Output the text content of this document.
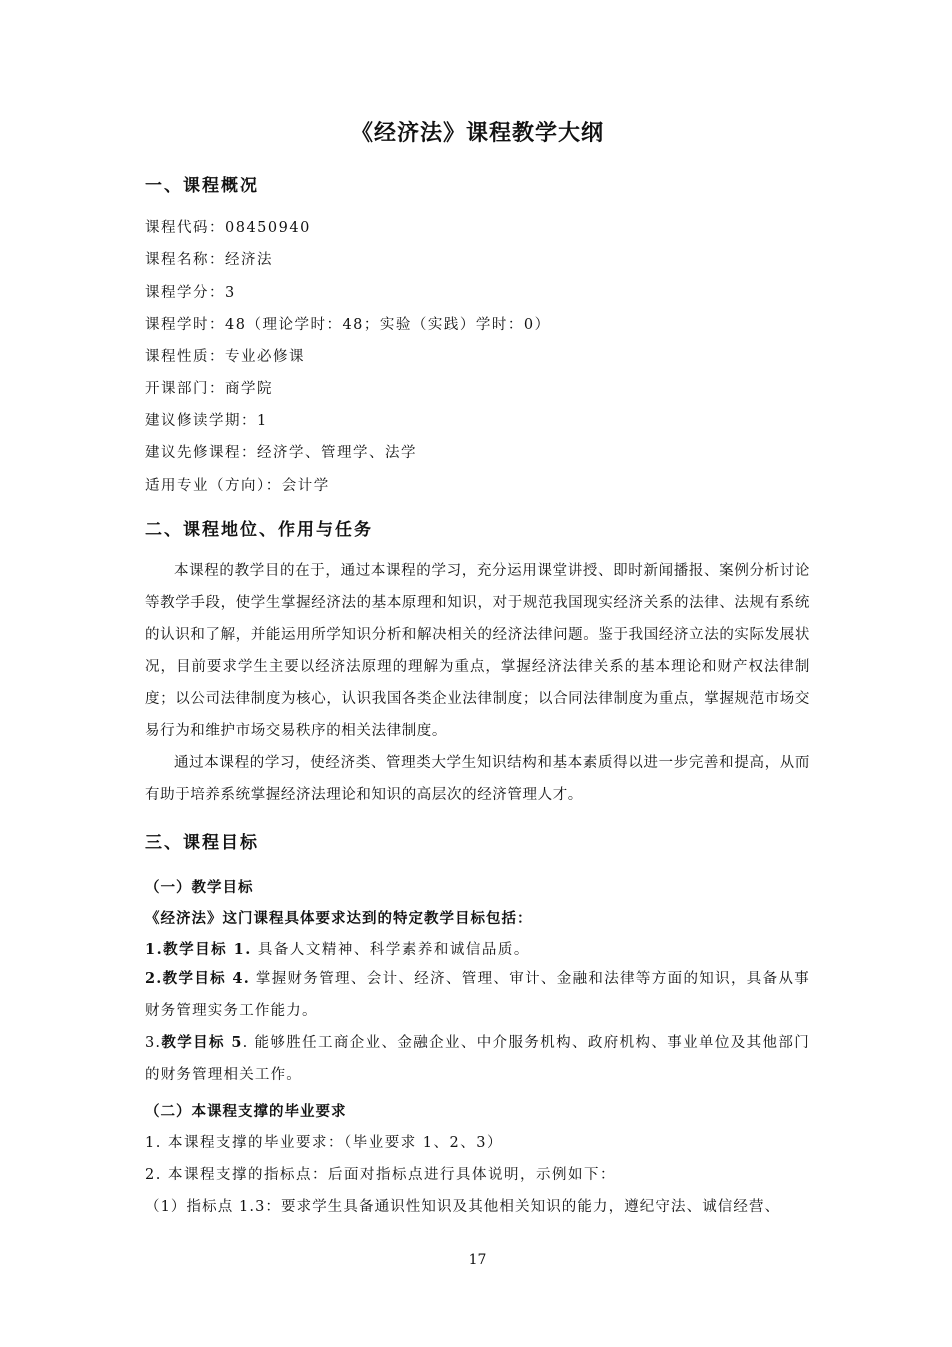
《经济法》课程教学大纲
一、课程概况
课程代码：08450940
课程名称：经济法
课程学分：3
课程学时：48（理论学时：48；实验（实践）学时：0）
课程性质：专业必修课
开课部门：商学院
建议修读学期：1
建议先修课程：经济学、管理学、法学
适用专业（方向）：会计学
二、课程地位、作用与任务

本课程的教学目的在于，通过本课程的学习，充分运用课堂讲授、即时新闻播报、案例分析讨论等教学手段，使学生掌握经济法的基本原理和知识，对于规范我国现实经济关系的法律、法规有系统的认识和了解，并能运用所学知识分析和解决相关的经济法律问题。鉴于我国经济立法的实际发展状况，目前要求学生主要以经济法原理的理解为重点，掌握经济法律关系的基本理论和财产权法律制度；以公司法律制度为核心，认识我国各类企业法律制度；以合同法律制度为重点，掌握规范市场交易行为和维护市场交易秩序的相关法律制度。

通过本课程的学习，使经济类、管理类大学生知识结构和基本素质得以进一步完善和提高，从而有助于培养系统掌握经济法理论和知识的高层次的经济管理人才。

三、课程目标
（一）教学目标
《经济法》这门课程具体要求达到的特定教学目标包括：
1.教学目标 1. 具备人文精神、科学素养和诚信品质。

2.教学目标 4. 掌握财务管理、会计、经济、管理、审计、金融和法律等方面的知识，具备从事财务管理实务工作能力。

3.教学目标 5. 能够胜任工商企业、金融企业、中介服务机构、政府机构、事业单位及其他部门的财务管理相关工作。

（二）本课程支撑的毕业要求
1. 本课程支撑的毕业要求：（毕业要求 1、2、3）
2. 本课程支撑的指标点：后面对指标点进行具体说明，示例如下：
（1）指标点 1.3：要求学生具备通识性知识及其他相关知识的能力，遵纪守法、诚信经营、
17
